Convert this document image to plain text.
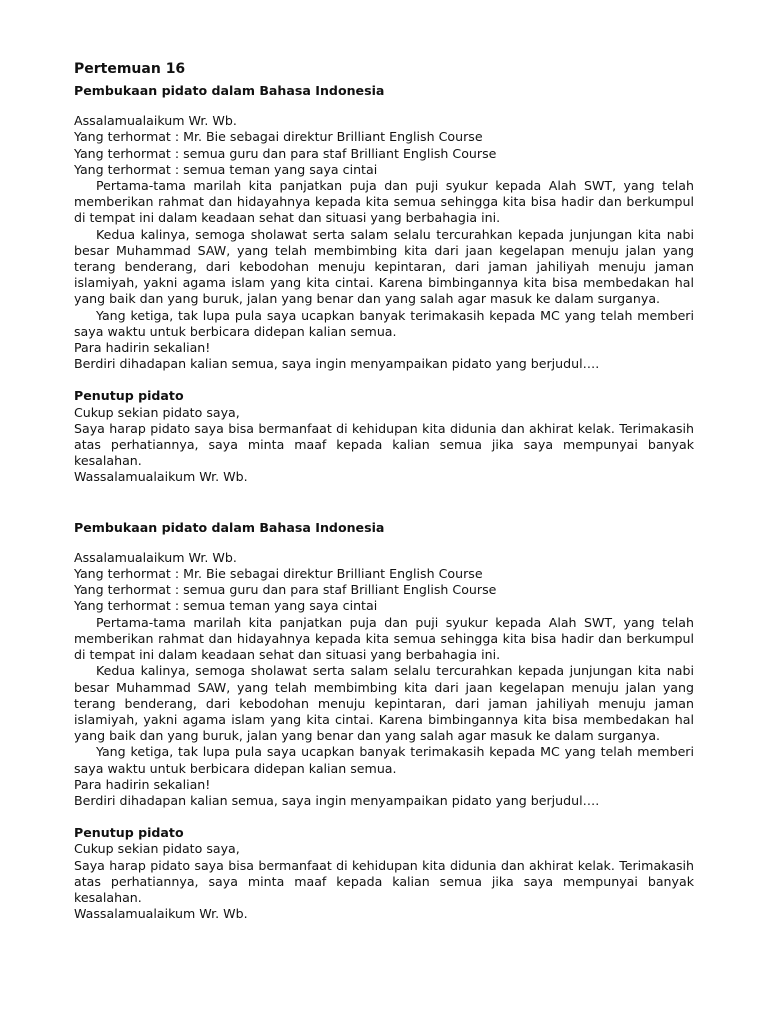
Pertemuan 16

Pembukaan pidato dalam Bahasa Indonesia

Assalamualaikum Wr. Wb.

Yang terhormat : Mr. Bie sebagai direktur Brilliant English Course

Yang terhormat : semua guru dan para staf Brilliant English Course

Yang terhormat : semua teman yang saya cintai

Pertama-tama marilah kita panjatkan puja dan puji syukur kepada Alah SWT, yang telah memberikan rahmat dan hidayahnya kepada kita semua sehingga kita bisa hadir dan berkumpul di tempat ini dalam keadaan sehat dan situasi yang berbahagia ini.

Kedua kalinya, semoga sholawat serta salam selalu tercurahkan kepada junjungan kita nabi besar Muhammad SAW, yang telah membimbing kita dari jaan kegelapan menuju jalan yang terang benderang, dari kebodohan menuju kepintaran, dari jaman jahiliyah menuju jaman islamiyah, yakni agama islam yang kita cintai. Karena bimbingannya kita bisa membedakan hal yang baik dan yang buruk, jalan yang benar dan yang salah agar masuk ke dalam surganya.

Yang ketiga, tak lupa pula saya ucapkan banyak terimakasih kepada MC yang telah memberi saya waktu untuk berbicara didepan kalian semua.

Para hadirin sekalian!

Berdiri dihadapan kalian semua, saya ingin menyampaikan pidato yang berjudul….

Penutup pidato

Cukup sekian pidato saya,

Saya harap pidato saya bisa bermanfaat di kehidupan kita didunia dan akhirat kelak. Terimakasih atas perhatiannya, saya minta maaf kepada kalian semua jika saya mempunyai banyak kesalahan.

Wassalamualaikum Wr. Wb.

Pembukaan pidato dalam Bahasa Indonesia

Assalamualaikum Wr. Wb.

Yang terhormat : Mr. Bie sebagai direktur Brilliant English Course

Yang terhormat : semua guru dan para staf Brilliant English Course

Yang terhormat : semua teman yang saya cintai

Pertama-tama marilah kita panjatkan puja dan puji syukur kepada Alah SWT, yang telah memberikan rahmat dan hidayahnya kepada kita semua sehingga kita bisa hadir dan berkumpul di tempat ini dalam keadaan sehat dan situasi yang berbahagia ini.

Kedua kalinya, semoga sholawat serta salam selalu tercurahkan kepada junjungan kita nabi besar Muhammad SAW, yang telah membimbing kita dari jaan kegelapan menuju jalan yang terang benderang, dari kebodohan menuju kepintaran, dari jaman jahiliyah menuju jaman islamiyah, yakni agama islam yang kita cintai. Karena bimbingannya kita bisa membedakan hal yang baik dan yang buruk, jalan yang benar dan yang salah agar masuk ke dalam surganya.

Yang ketiga, tak lupa pula saya ucapkan banyak terimakasih kepada MC yang telah memberi saya waktu untuk berbicara didepan kalian semua.

Para hadirin sekalian!

Berdiri dihadapan kalian semua, saya ingin menyampaikan pidato yang berjudul….

Penutup pidato

Cukup sekian pidato saya,

Saya harap pidato saya bisa bermanfaat di kehidupan kita didunia dan akhirat kelak. Terimakasih atas perhatiannya, saya minta maaf kepada kalian semua jika saya mempunyai banyak kesalahan.

Wassalamualaikum Wr. Wb.
